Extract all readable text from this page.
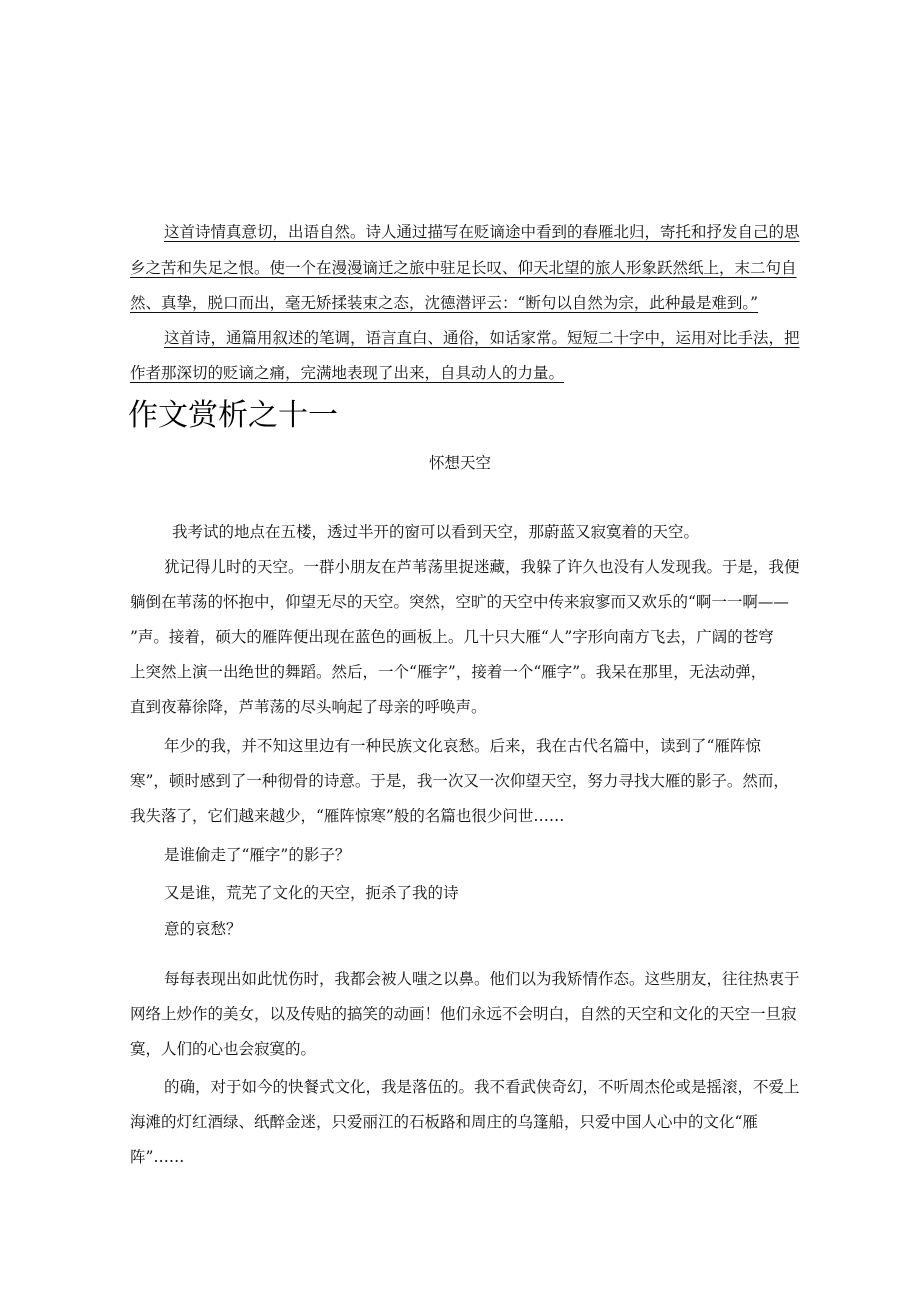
这首诗情真意切，出语自然。诗人通过描写在贬谪途中看到的春雁北归，寄托和抒发自己的思
乡之苦和失足之恨。使一个在漫漫谪迁之旅中驻足长叹、仰天北望的旅人形象跃然纸上，末二句自
然、真挚，脱口而出，毫无矫揉装束之态，沈德潜评云：“断句以自然为宗，此种最是难到。”
这首诗，通篇用叙述的笔调，语言直白、通俗，如话家常。短短二十字中，运用对比手法，把
作者那深切的贬谪之痛，完满地表现了出来，自具动人的力量。
作文赏析之十一
怀想天空
我考试的地点在五楼，透过半开的窗可以看到天空，那蔚蓝又寂寞着的天空。
犹记得儿时的天空。一群小朋友在芦苇荡里捉迷藏，我躲了许久也没有人发现我。于是，我便
躺倒在苇荡的怀抱中，仰望无尽的天空。突然，空旷的天空中传来寂寥而又欢乐的“啊一一啊——
”声。接着，硕大的雁阵便出现在蓝色的画板上。几十只大雁“人”字形向南方飞去，广阔的苍穹
上突然上演一出绝世的舞蹈。然后，一个“雁字”，接着一个“雁字”。我呆在那里，无法动弹，
直到夜幕徐降，芦苇荡的尽头响起了母亲的呼唤声。
年少的我，并不知这里边有一种民族文化哀愁。后来，我在古代名篇中，读到了“雁阵惊
寒”，顿时感到了一种彻骨的诗意。于是，我一次又一次仰望天空，努力寻找大雁的影子。然而，
我失落了，它们越来越少，“雁阵惊寒”般的名篇也很少问世……
是谁偷走了“雁字”的影子？
又是谁，荒芜了文化的天空，扼杀了我的诗
意的哀愁？
每每表现出如此忧伤时，我都会被人嗤之以鼻。他们以为我矫情作态。这些朋友，往往热衷于
网络上炒作的美女，以及传贴的搞笑的动画！他们永远不会明白，自然的天空和文化的天空一旦寂
寞，人们的心也会寂寞的。
的确，对于如今的快餐式文化，我是落伍的。我不看武侠奇幻，不听周杰伦或是摇滚，不爱上
海滩的灯红酒绿、纸醉金迷，只爱丽江的石板路和周庄的乌篷船，只爱中国人心中的文化“雁
阵”……
